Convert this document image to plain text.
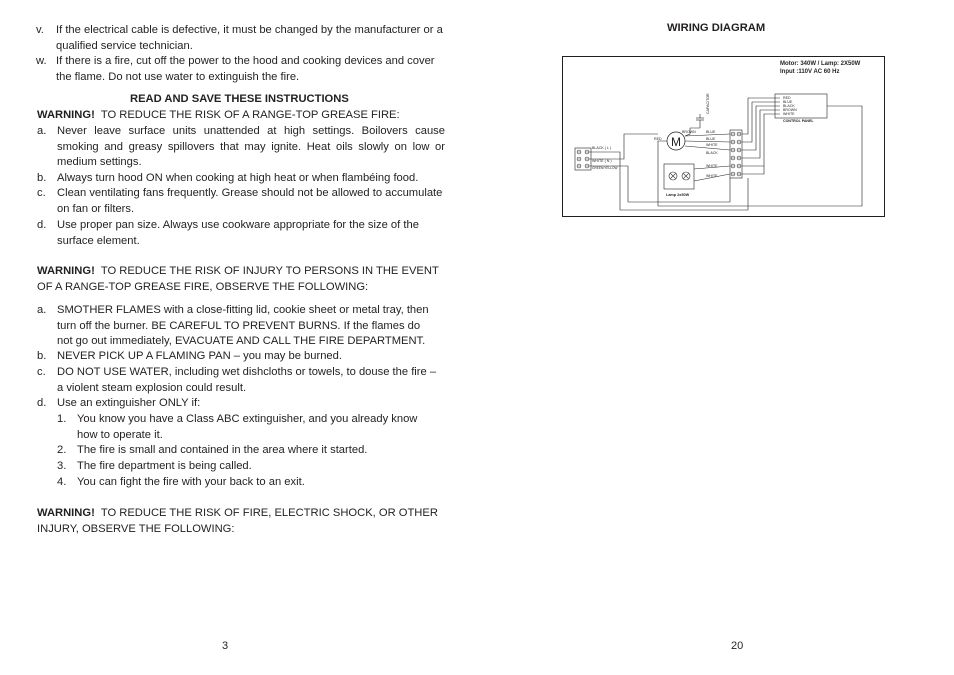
v. If the electrical cable is defective, it must be changed by the manufacturer or a
qualified service technician.
w. If there is a fire, cut off the power to the hood and cooking devices and cover
the flame. Do not use water to extinguish the fire.
READ AND SAVE THESE INSTRUCTIONS
WARNING! TO REDUCE THE RISK OF A RANGE-TOP GREASE FIRE:
a. Never leave surface units unattended at high settings. Boilovers cause
smoking and greasy spillovers that may ignite. Heat oils slowly on low or
medium settings.
b. Always turn hood ON when cooking at high heat or when flambéing food.
c. Clean ventilating fans frequently. Grease should not be allowed to accumulate
on fan or filters.
d. Use proper pan size. Always use cookware appropriate for the size of the
surface element.
WARNING! TO REDUCE THE RISK OF INJURY TO PERSONS IN THE EVENT
OF A RANGE-TOP GREASE FIRE, OBSERVE THE FOLLOWING:
a. SMOTHER FLAMES with a close-fitting lid, cookie sheet or metal tray, then
turn off the burner. BE CAREFUL TO PREVENT BURNS. If the flames do
not go out immediately, EVACUATE AND CALL THE FIRE DEPARTMENT.
b. NEVER PICK UP A FLAMING PAN – you may be burned.
c. DO NOT USE WATER, including wet dishcloths or towels, to douse the fire –
a violent steam explosion could result.
d. Use an extinguisher ONLY if:
1. You know you have a Class ABC extinguisher, and you already know
how to operate it.
2. The fire is small and contained in the area where it started.
3. The fire department is being called.
4. You can fight the fire with your back to an exit.
WARNING! TO REDUCE THE RISK OF FIRE, ELECTRIC SHOCK, OR OTHER
INJURY, OBSERVE THE FOLLOWING:
3
WIRING DIAGRAM
Motor: 340W / Lamp: 2X50W
Input :110V AC 60 Hz
RED
BLUE
BLACK
BROWN
WHITE
CONTROL PANEL
M
CAPACITOR
RED
BROWN	BLUE
BLUE
WHITE
BLACK
WHITE
WHITE
Lamp 2x50W
BLACK ( L )
WHITE ( N )
GREEN/YELLOW
20
